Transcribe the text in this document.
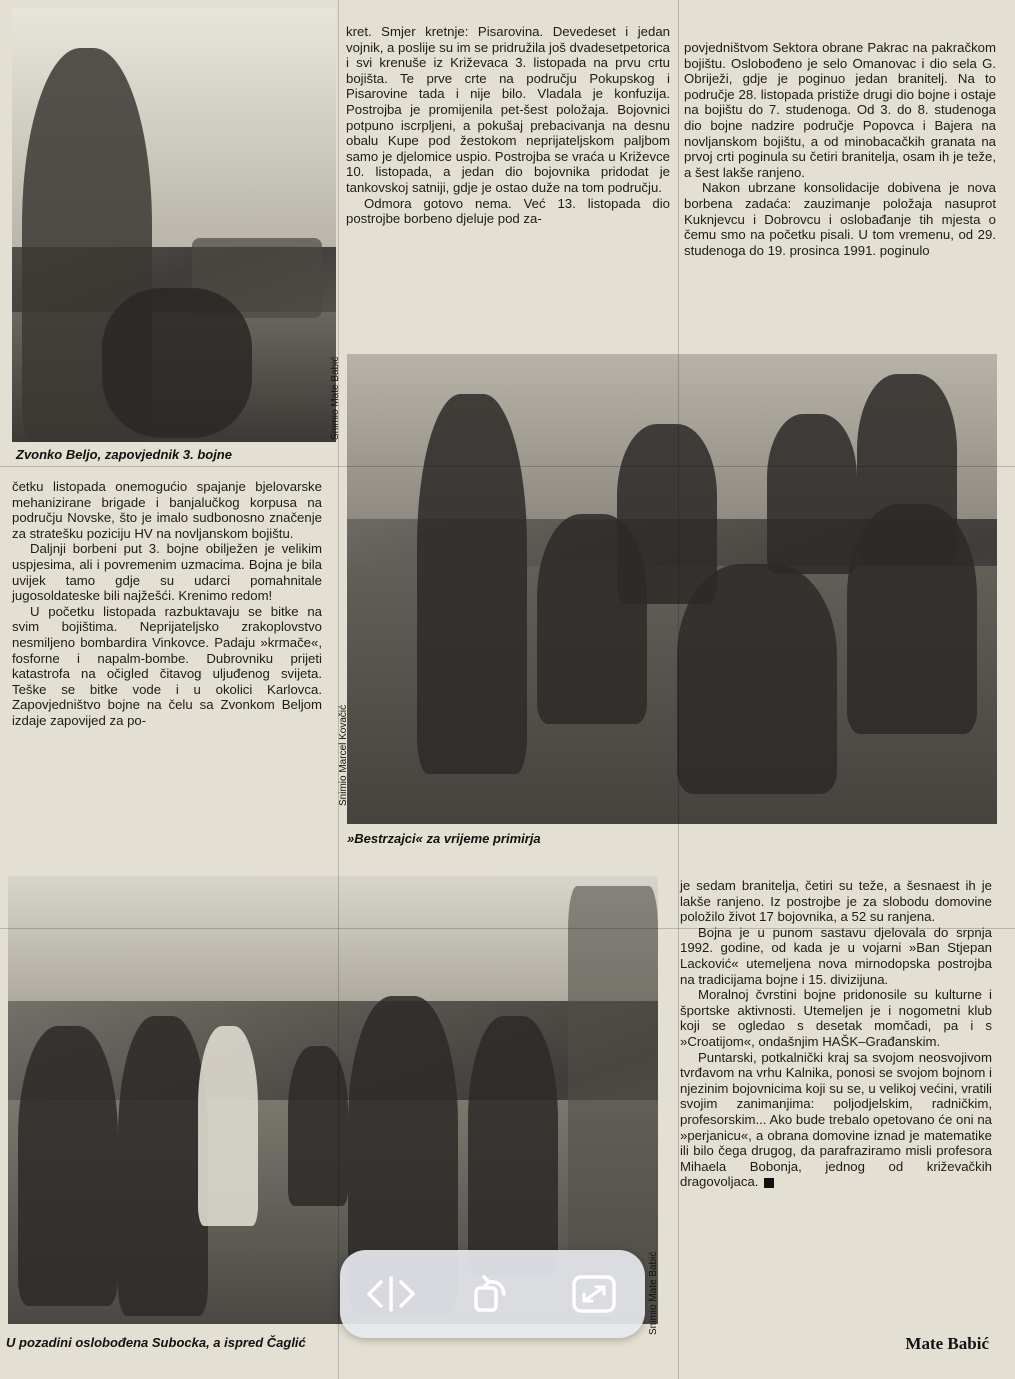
Snimio Mate Babić
Zvonko Beljo, zapovjednik 3. bojne

kret. Smjer kretnje: Pisarovina. Devedeset i jedan vojnik, a poslije su im se pridružila još dvadesetpetorica i svi krenuše iz Križevaca 3. listopada na prvu crtu bojišta. Te prve crte na području Pokupskog i Pisarovine tada i nije bilo. Vladala je konfuzija. Postrojba je promijenila pet-šest položaja. Bojovnici potpuno iscrpljeni, a pokušaj prebacivanja na desnu obalu Kupe pod žestokom neprijateljskom paljbom samo je djelomice uspio. Postrojba se vraća u Križevce 10. listopada, a jedan dio bojovnika pridodat je tankovskoj satniji, gdje je ostao duže na tom području.

Odmora gotovo nema. Već 13. listopada dio postrojbe borbeno djeluje pod za-

povjedništvom Sektora obrane Pakrac na pakračkom bojištu. Oslobođeno je selo Omanovac i dio sela G. Obriježi, gdje je poginuo jedan branitelj. Na to područje 28. listopada pristiže drugi dio bojne i ostaje na bojištu do 7. studenoga. Od 3. do 8. studenoga dio bojne nadzire područje Popovca i Bajera na novljanskom bojištu, a od minobacačkih granata na prvoj crti poginula su četiri branitelja, osam ih je teže, a šest lakše ranjeno.

Nakon ubrzane konsolidacije dobivena je nova borbena zadaća: zauzimanje položaja nasuprot Kuknjevcu i Dobrovcu i oslobađanje tih mjesta o čemu smo na početku pisali. U tom vremenu, od 29. studenoga do 19. prosinca 1991. poginulo

Snimio Marcel Kovačić
»Bestrzajci« za vrijeme primirja

četku listopada onemogućio spajanje bjelovarske mehanizirane brigade i banjalučkog korpusa na području Novske, što je imalo sudbonosno značenje za stratešku poziciju HV na novljanskom bojištu.

Daljnji borbeni put 3. bojne obilježen je velikim uspjesima, ali i povremenim uzmacima. Bojna je bila uvijek tamo gdje su udarci pomahnitale jugosoldateske bili najžešći. Krenimo redom!

U početku listopada razbuktavaju se bitke na svim bojištima. Neprijateljsko zrakoplovstvo nesmiljeno bombardira Vinkovce. Padaju »krmače«, fosforne i napalm-bombe. Dubrovniku prijeti katastrofa na očigled čitavog uljuđenog svijeta. Teške se bitke vode i u okolici Karlovca. Zapovjedništvo bojne na čelu sa Zvonkom Beljom izdaje zapovijed za po-

Snimio Mate Babić
U pozadini oslobođena Subocka, a ispred Čaglić

je sedam branitelja, četiri su teže, a šesnaest ih je lakše ranjeno. Iz postrojbe je za slobodu domovine položilo život 17 bojovnika, a 52 su ranjena.

Bojna je u punom sastavu djelovala do srpnja 1992. godine, od kada je u vojarni »Ban Stjepan Lacković« utemeljena nova mirnodopska postrojba na tradicijama bojne i 15. divizijuna.

Moralnoj čvrstini bojne pridonosile su kulturne i športske aktivnosti. Utemeljen je i nogometni klub koji se ogledao s desetak momčadi, pa i s »Croatijom«, ondašnjim HAŠK–Građanskim.

Puntarski, potkalnički kraj sa svojom neosvojivom tvrđavom na vrhu Kalnika, ponosi se svojom bojnom i njezinim bojovnicima koji su se, u velikoj većini, vratili svojim zanimanjima: poljodjelskim, radničkim, profesorskim... Ako bude trebalo opetovano će oni na »perjanicu«, a obrana domovine iznad je matematike ili bilo čega drugog, da parafraziramo misli profesora Mihaela Bobonja, jednog od križevačkih dragovoljaca.

Mate Babić
